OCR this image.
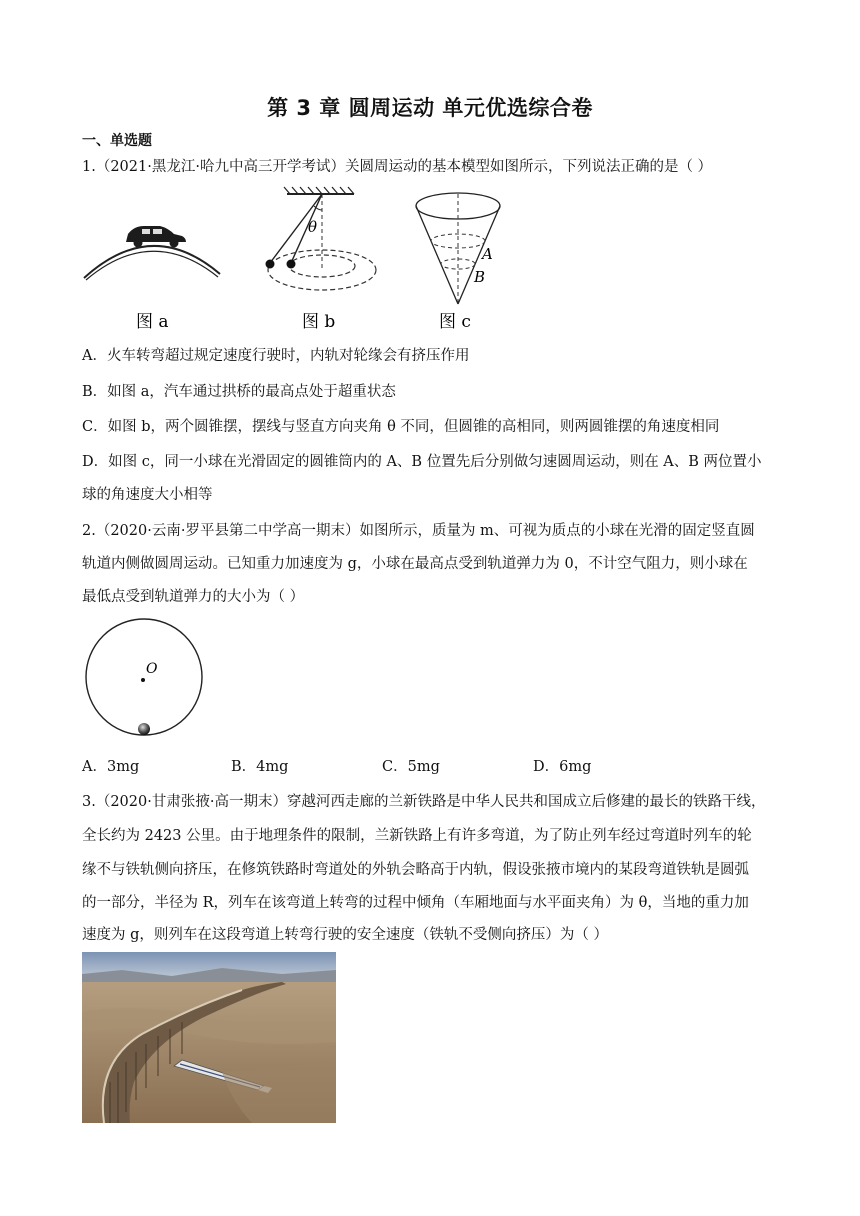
第 3 章 圆周运动 单元优选综合卷
一、单选题
1.（2021·黑龙江·哈九中高三开学考试）关圆周运动的基本模型如图所示，下列说法正确的是（ ）
图 a
θ
图 b
A
B
图 c
A．火车转弯超过规定速度行驶时，内轨对轮缘会有挤压作用
B．如图 a，汽车通过拱桥的最高点处于超重状态
C．如图 b，两个圆锥摆，摆线与竖直方向夹角 θ 不同，但圆锥的高相同，则两圆锥摆的角速度相同
D．如图 c，同一小球在光滑固定的圆锥筒内的 A、B 位置先后分别做匀速圆周运动，则在 A、B 两位置小
球的角速度大小相等
2.（2020·云南·罗平县第二中学高一期末）如图所示，质量为 m、可视为质点的小球在光滑的固定竖直圆
轨道内侧做圆周运动。已知重力加速度为 g，小球在最高点受到轨道弹力为 0，不计空气阻力，则小球在
最低点受到轨道弹力的大小为（ ）
O
A．3mg	B．4mg	C．5mg	D．6mg
3.（2020·甘肃张掖·高一期末）穿越河西走廊的兰新铁路是中华人民共和国成立后修建的最长的铁路干线，
全长约为 2423 公里。由于地理条件的限制，兰新铁路上有许多弯道，为了防止列车经过弯道时列车的轮
缘不与铁轨侧向挤压，在修筑铁路时弯道处的外轨会略高于内轨，假设张掖市境内的某段弯道铁轨是圆弧
的一部分，半径为 R，列车在该弯道上转弯的过程中倾角（车厢地面与水平面夹角）为 θ，当地的重力加
速度为 g，则列车在这段弯道上转弯行驶的安全速度（铁轨不受侧向挤压）为（ ）
